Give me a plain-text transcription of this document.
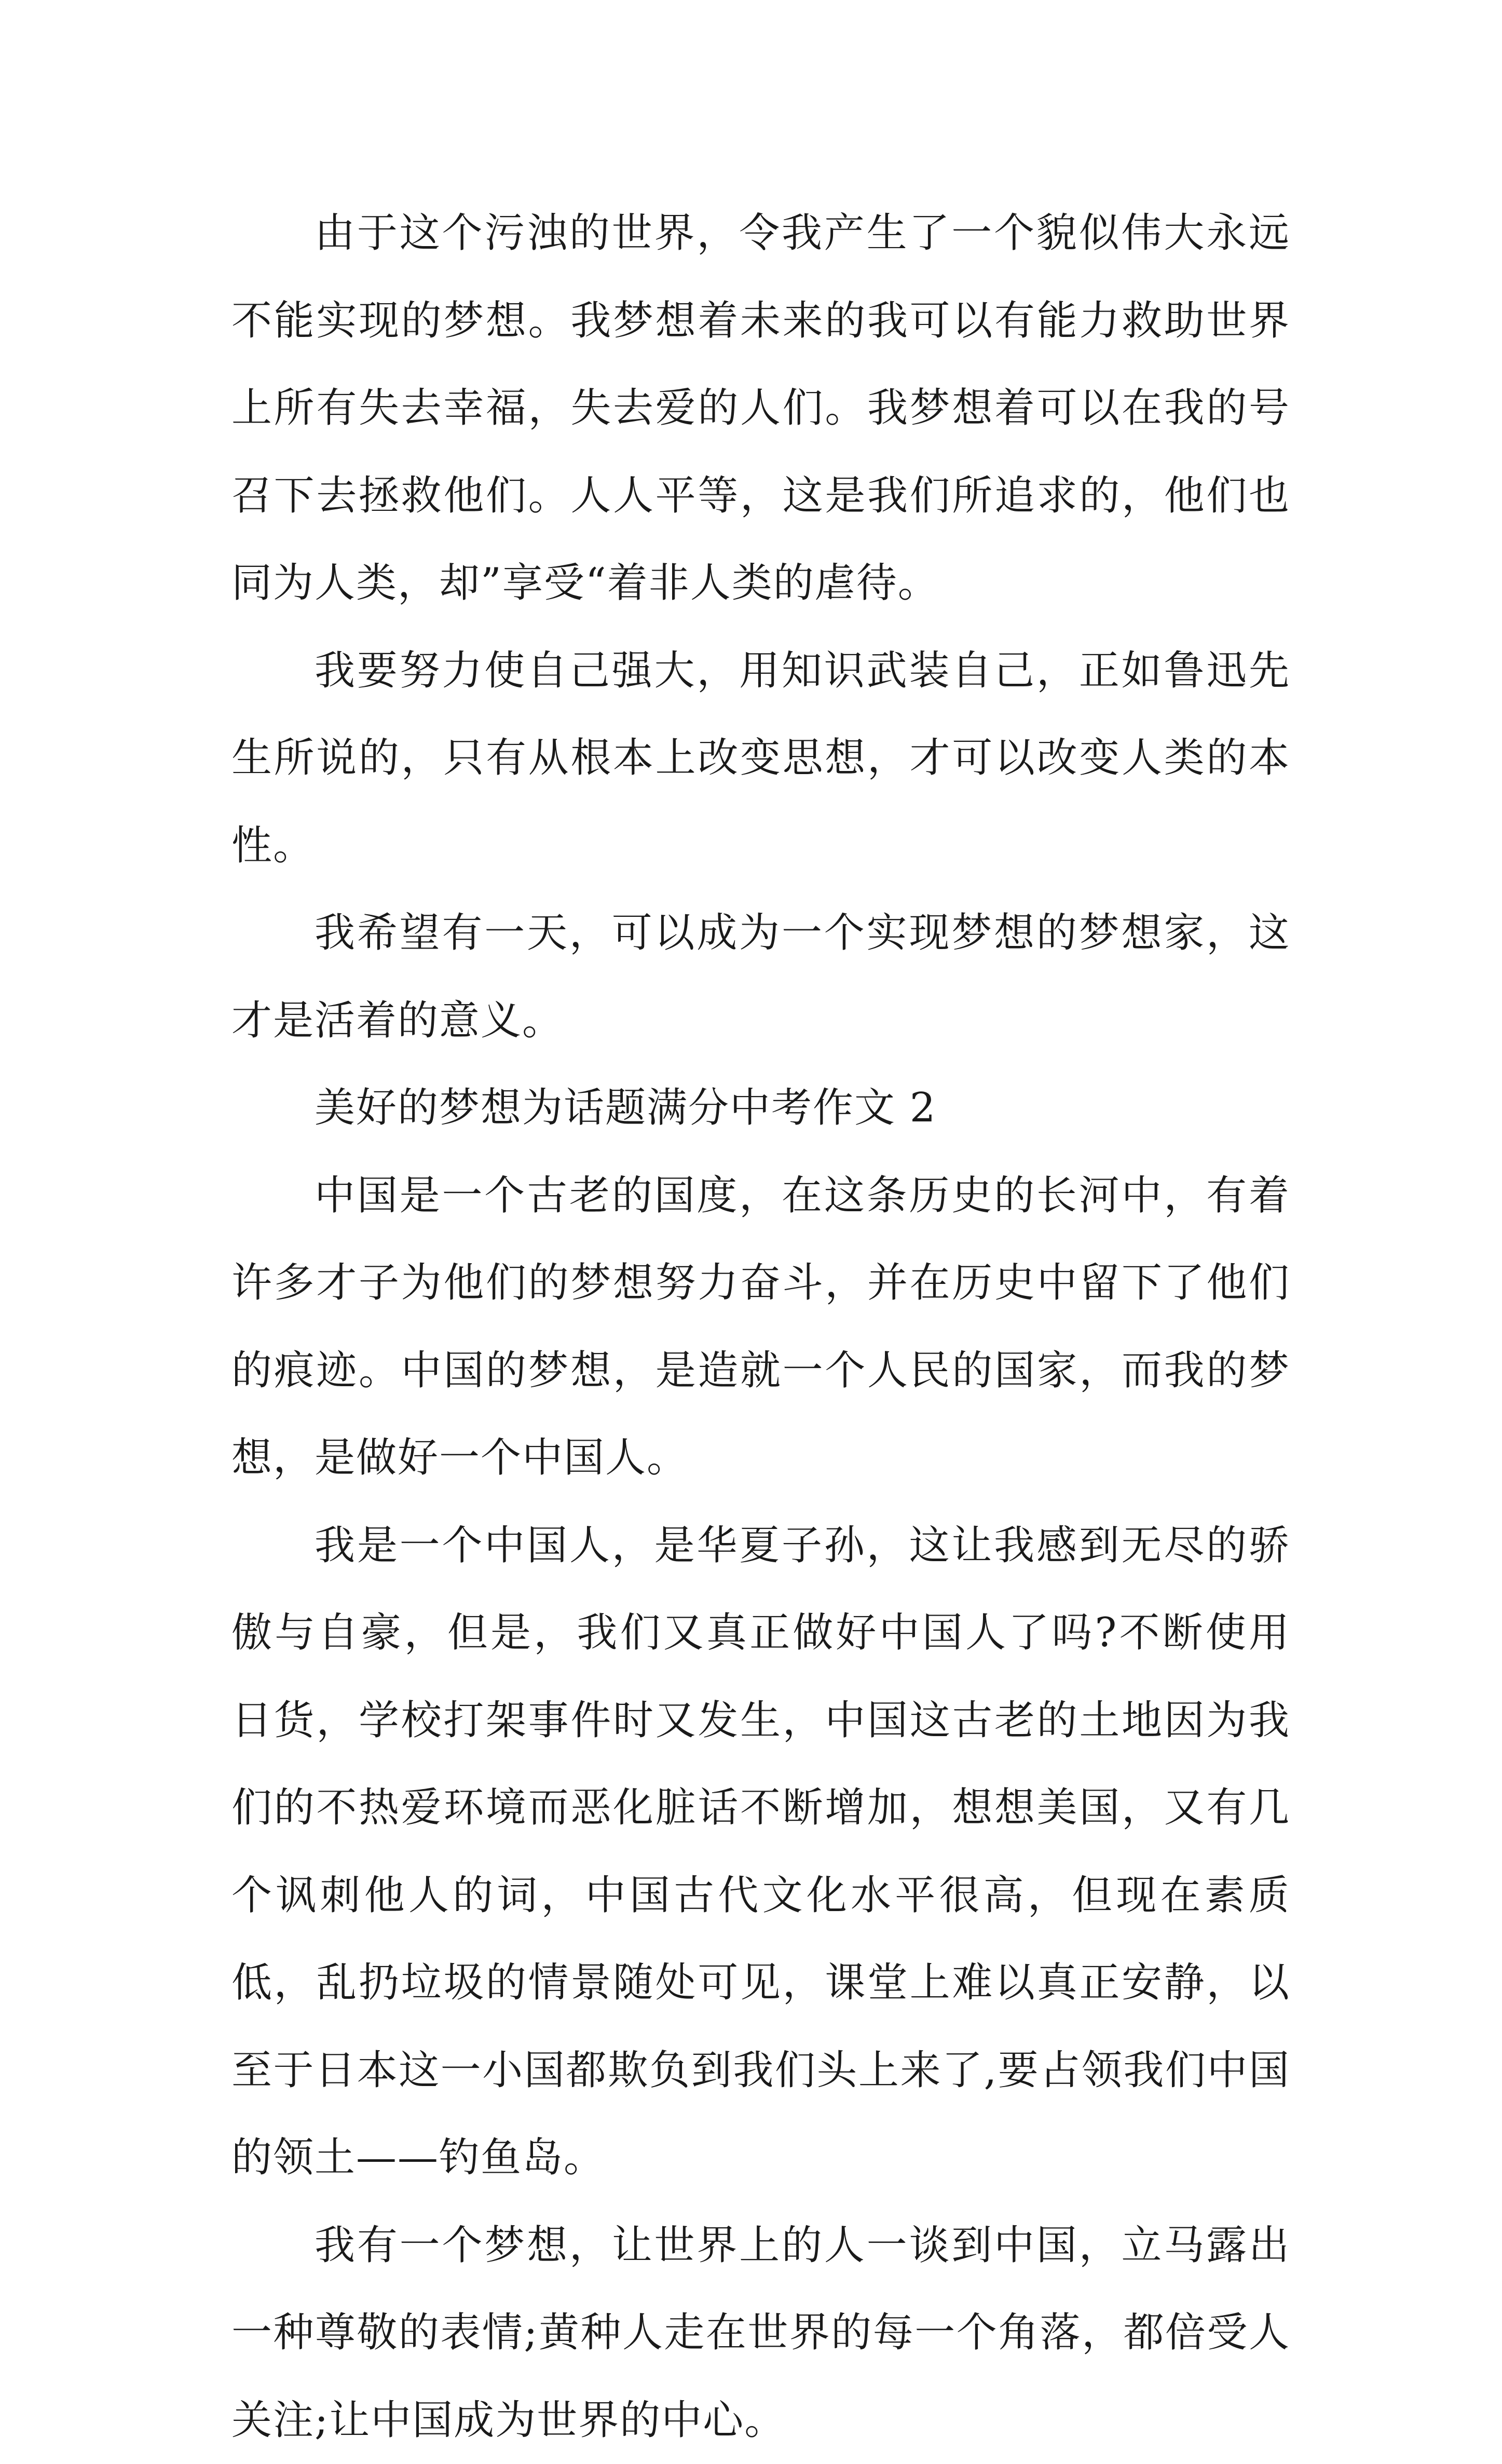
由于这个污浊的世界，令我产生了一个貌似伟大永远不能实现的梦想。我梦想着未来的我可以有能力救助世界上所有失去幸福，失去爱的人们。我梦想着可以在我的号召下去拯救他们。人人平等，这是我们所追求的，他们也同为人类，却”享受“着非人类的虐待。

我要努力使自己强大，用知识武装自己，正如鲁迅先生所说的，只有从根本上改变思想，才可以改变人类的本性。

我希望有一天，可以成为一个实现梦想的梦想家，这才是活着的意义。

美好的梦想为话题满分中考作文 2

中国是一个古老的国度，在这条历史的长河中，有着许多才子为他们的梦想努力奋斗，并在历史中留下了他们的痕迹。中国的梦想，是造就一个人民的国家，而我的梦想，是做好一个中国人。

我是一个中国人，是华夏子孙，这让我感到无尽的骄傲与自豪，但是，我们又真正做好中国人了吗?不断使用日货，学校打架事件时又发生，中国这古老的土地因为我们的不热爱环境而恶化脏话不断增加，想想美国，又有几个讽刺他人的词，中国古代文化水平很高，但现在素质低，乱扔垃圾的情景随处可见，课堂上难以真正安静，以至于日本这一小国都欺负到我们头上来了,要占领我们中国的领土——钓鱼岛。

我有一个梦想，让世界上的人一谈到中国，立马露出一种尊敬的表情;黄种人走在世界的每一个角落，都倍受人关注;让中国成为世界的中心。
